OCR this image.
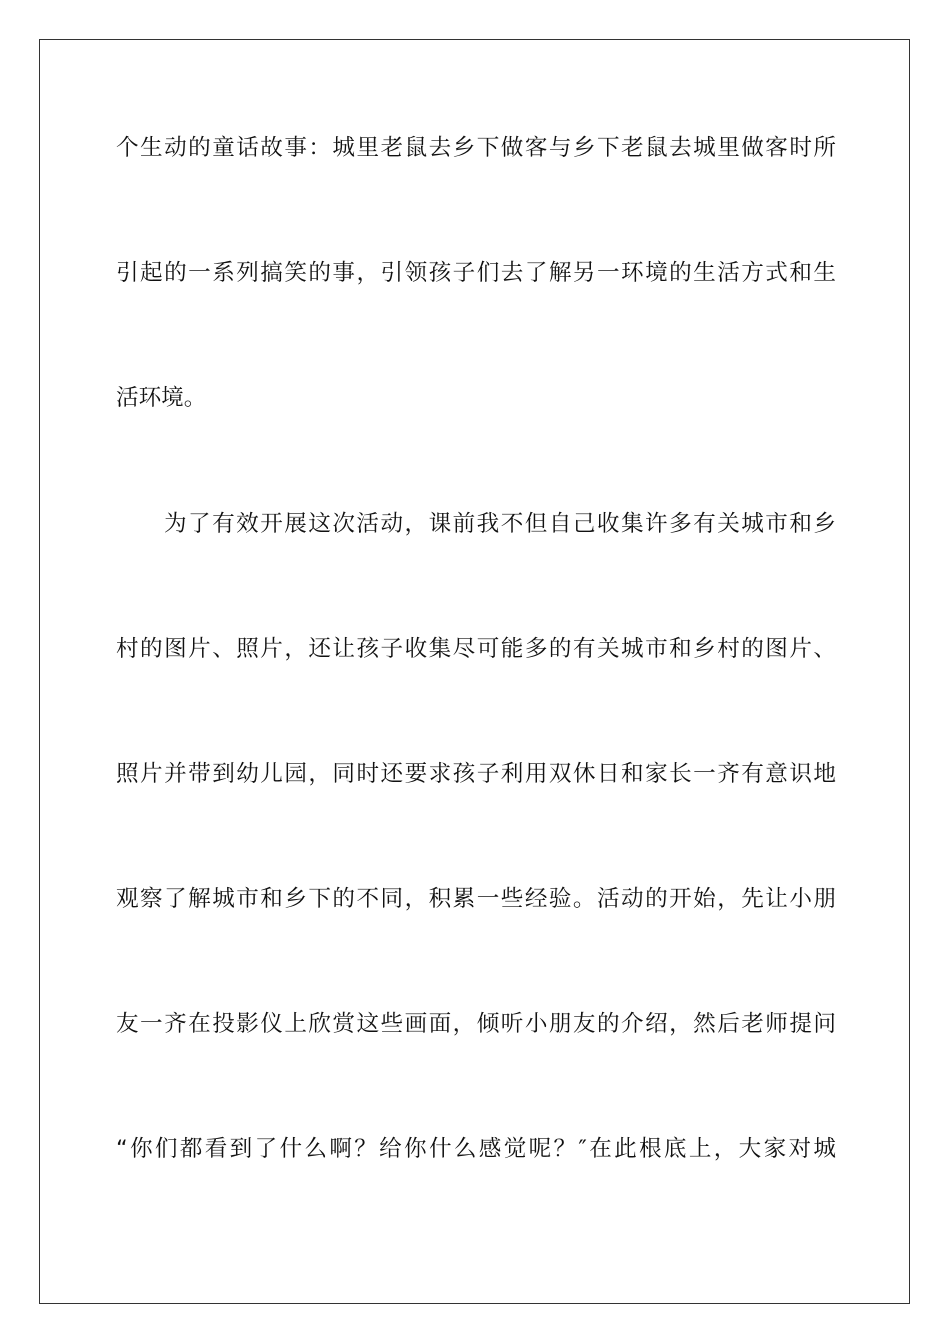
个生动的童话故事：城里老鼠去乡下做客与乡下老鼠去城里做客时所
引起的一系列搞笑的事，引领孩子们去了解另一环境的生活方式和生
活环境。
为了有效开展这次活动，课前我不但自己收集许多有关城市和乡
村的图片、照片，还让孩子收集尽可能多的有关城市和乡村的图片、
照片并带到幼儿园，同时还要求孩子利用双休日和家长一齐有意识地
观察了解城市和乡下的不同，积累一些经验。活动的开始，先让小朋
友一齐在投影仪上欣赏这些画面，倾听小朋友的介绍，然后老师提问
“你们都看到了什么啊？给你什么感觉呢？″在此根底上，大家对城
